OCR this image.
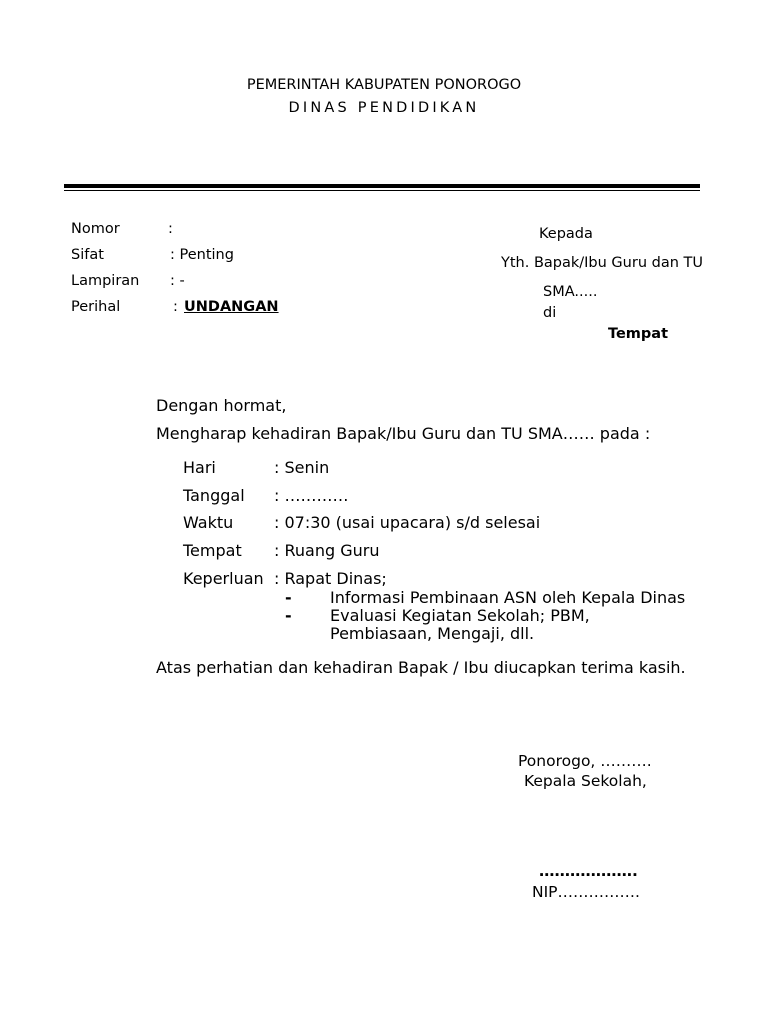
PEMERINTAH KABUPATEN PONOROGO
DINAS PENDIDIKAN
Nomor	:
Sifat	: Penting
Lampiran : -
Perihal	: UNDANGAN
Kepada
Yth. Bapak/Ibu Guru dan TU
SMA.....
di
Tempat
Dengan hormat,
Mengharap kehadiran Bapak/Ibu Guru dan TU SMA…… pada :
Hari	: Senin
Tanggal : …………
Waktu	: 07:30 (usai upacara) s/d selesai
Tempat : Ruang Guru
Keperluan : Rapat Dinas;
- Informasi Pembinaan ASN oleh Kepala Dinas
- Evaluasi Kegiatan Sekolah; PBM,
Pembiasaan, Mengaji, dll.
Atas perhatian dan kehadiran Bapak / Ibu diucapkan terima kasih.
Ponorogo, ……….
Kepala Sekolah,
……………….
NIP…………….
